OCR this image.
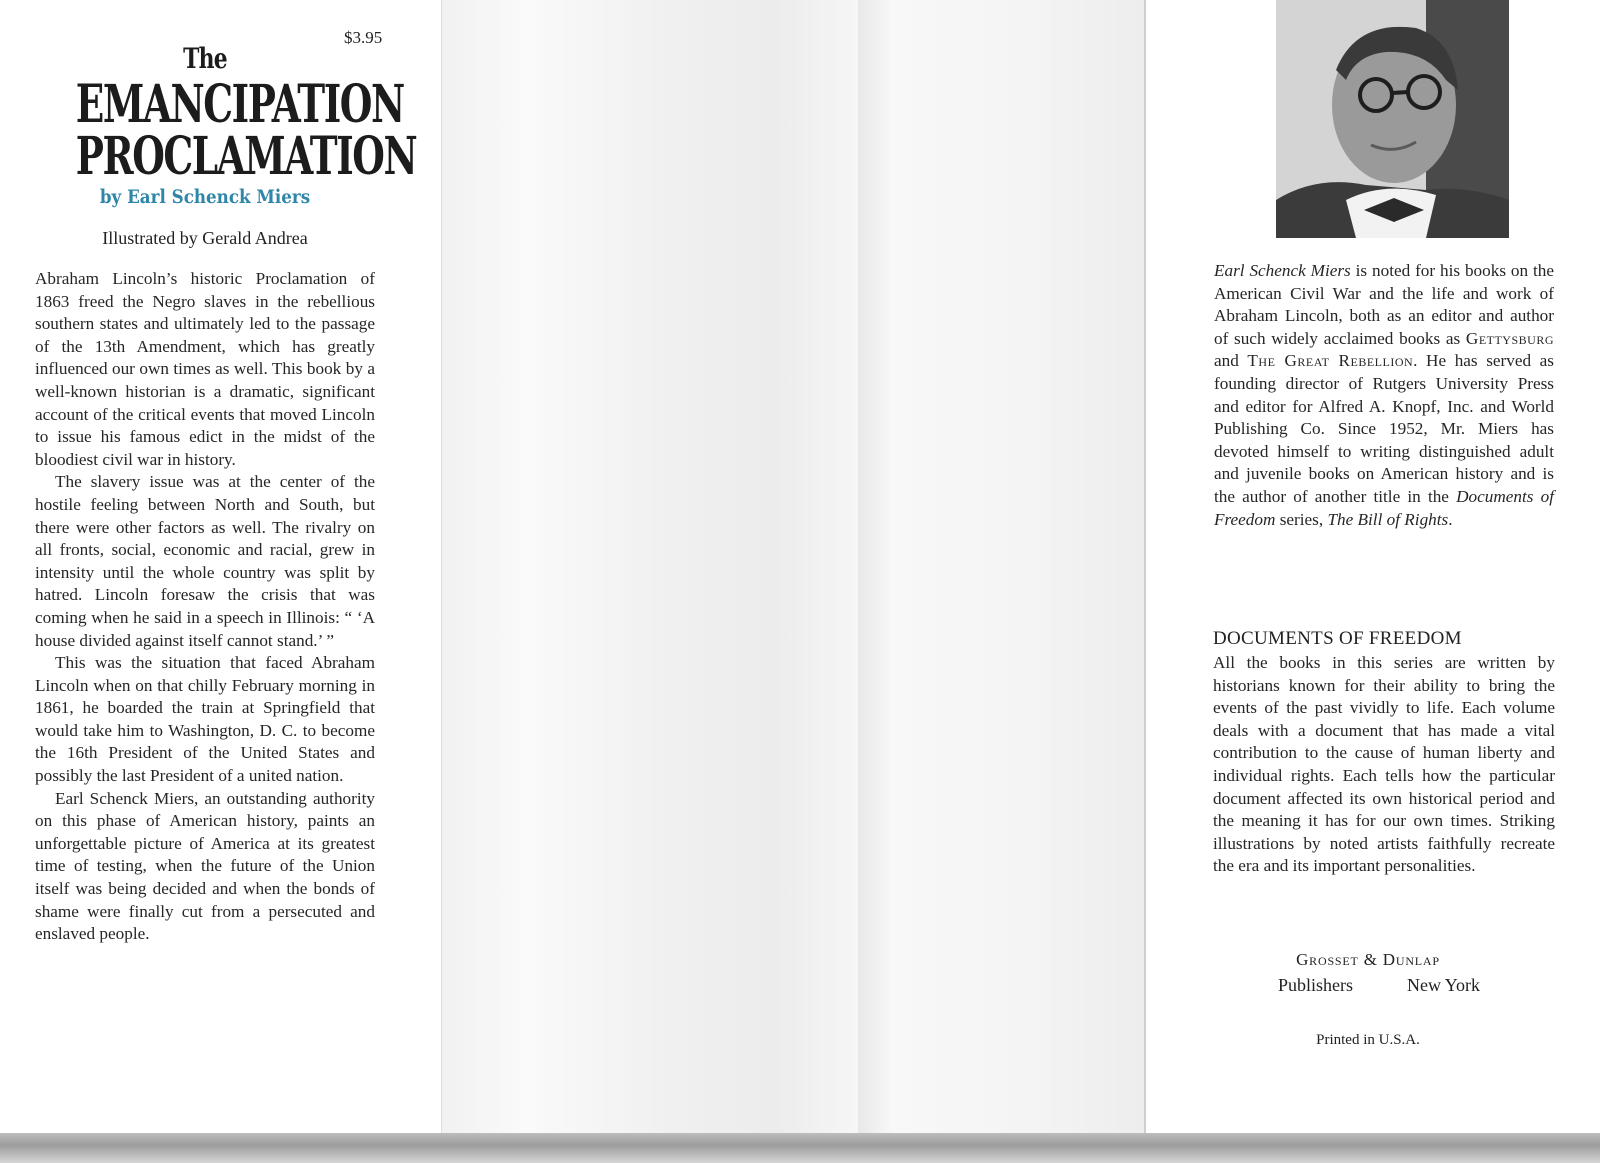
$3.95
The
EMANCIPATION
PROCLAMATION
by Earl Schenck Miers
Illustrated by Gerald Andrea

Abraham Lincoln’s historic Proclamation of 1863 freed the Negro slaves in the rebellious southern states and ultimately led to the passage of the 13th Amendment, which has greatly influenced our own times as well. This book by a well-known historian is a dramatic, significant account of the critical events that moved Lincoln to issue his famous edict in the midst of the bloodiest civil war in history.

The slavery issue was at the center of the hostile feeling between North and South, but there were other factors as well. The rivalry on all fronts, social, economic and racial, grew in intensity until the whole country was split by hatred. Lincoln foresaw the crisis that was coming when he said in a speech in Illinois: “ ‘A house divided against itself cannot stand.’ ”

This was the situation that faced Abraham Lincoln when on that chilly February morning in 1861, he boarded the train at Springfield that would take him to Washington, D. C. to become the 16th President of the United States and possibly the last President of a united nation.

Earl Schenck Miers, an outstanding authority on this phase of American history, paints an unforgettable picture of America at its greatest time of testing, when the future of the Union itself was being decided and when the bonds of shame were finally cut from a persecuted and enslaved people.

Earl Schenck Miers is noted for his books on the American Civil War and the life and work of Abraham Lincoln, both as an editor and author of such widely acclaimed books as Gettysburg and The Great Rebellion. He has served as founding director of Rutgers University Press and editor for Alfred A. Knopf, Inc. and World Publishing Co. Since 1952, Mr. Miers has devoted himself to writing distinguished adult and juvenile books on American history and is the author of another title in the Documents of Freedom series, The Bill of Rights.
DOCUMENTS OF FREEDOM
All the books in this series are written by historians known for their ability to bring the events of the past vividly to life. Each volume deals with a document that has made a vital contribution to the cause of human liberty and individual rights. Each tells how the particular document affected its own historical period and the meaning it has for our own times. Striking illustrations by noted artists faithfully recreate the era and its important personalities.
Grosset & Dunlap
Publishers	New York
Printed in U.S.A.
